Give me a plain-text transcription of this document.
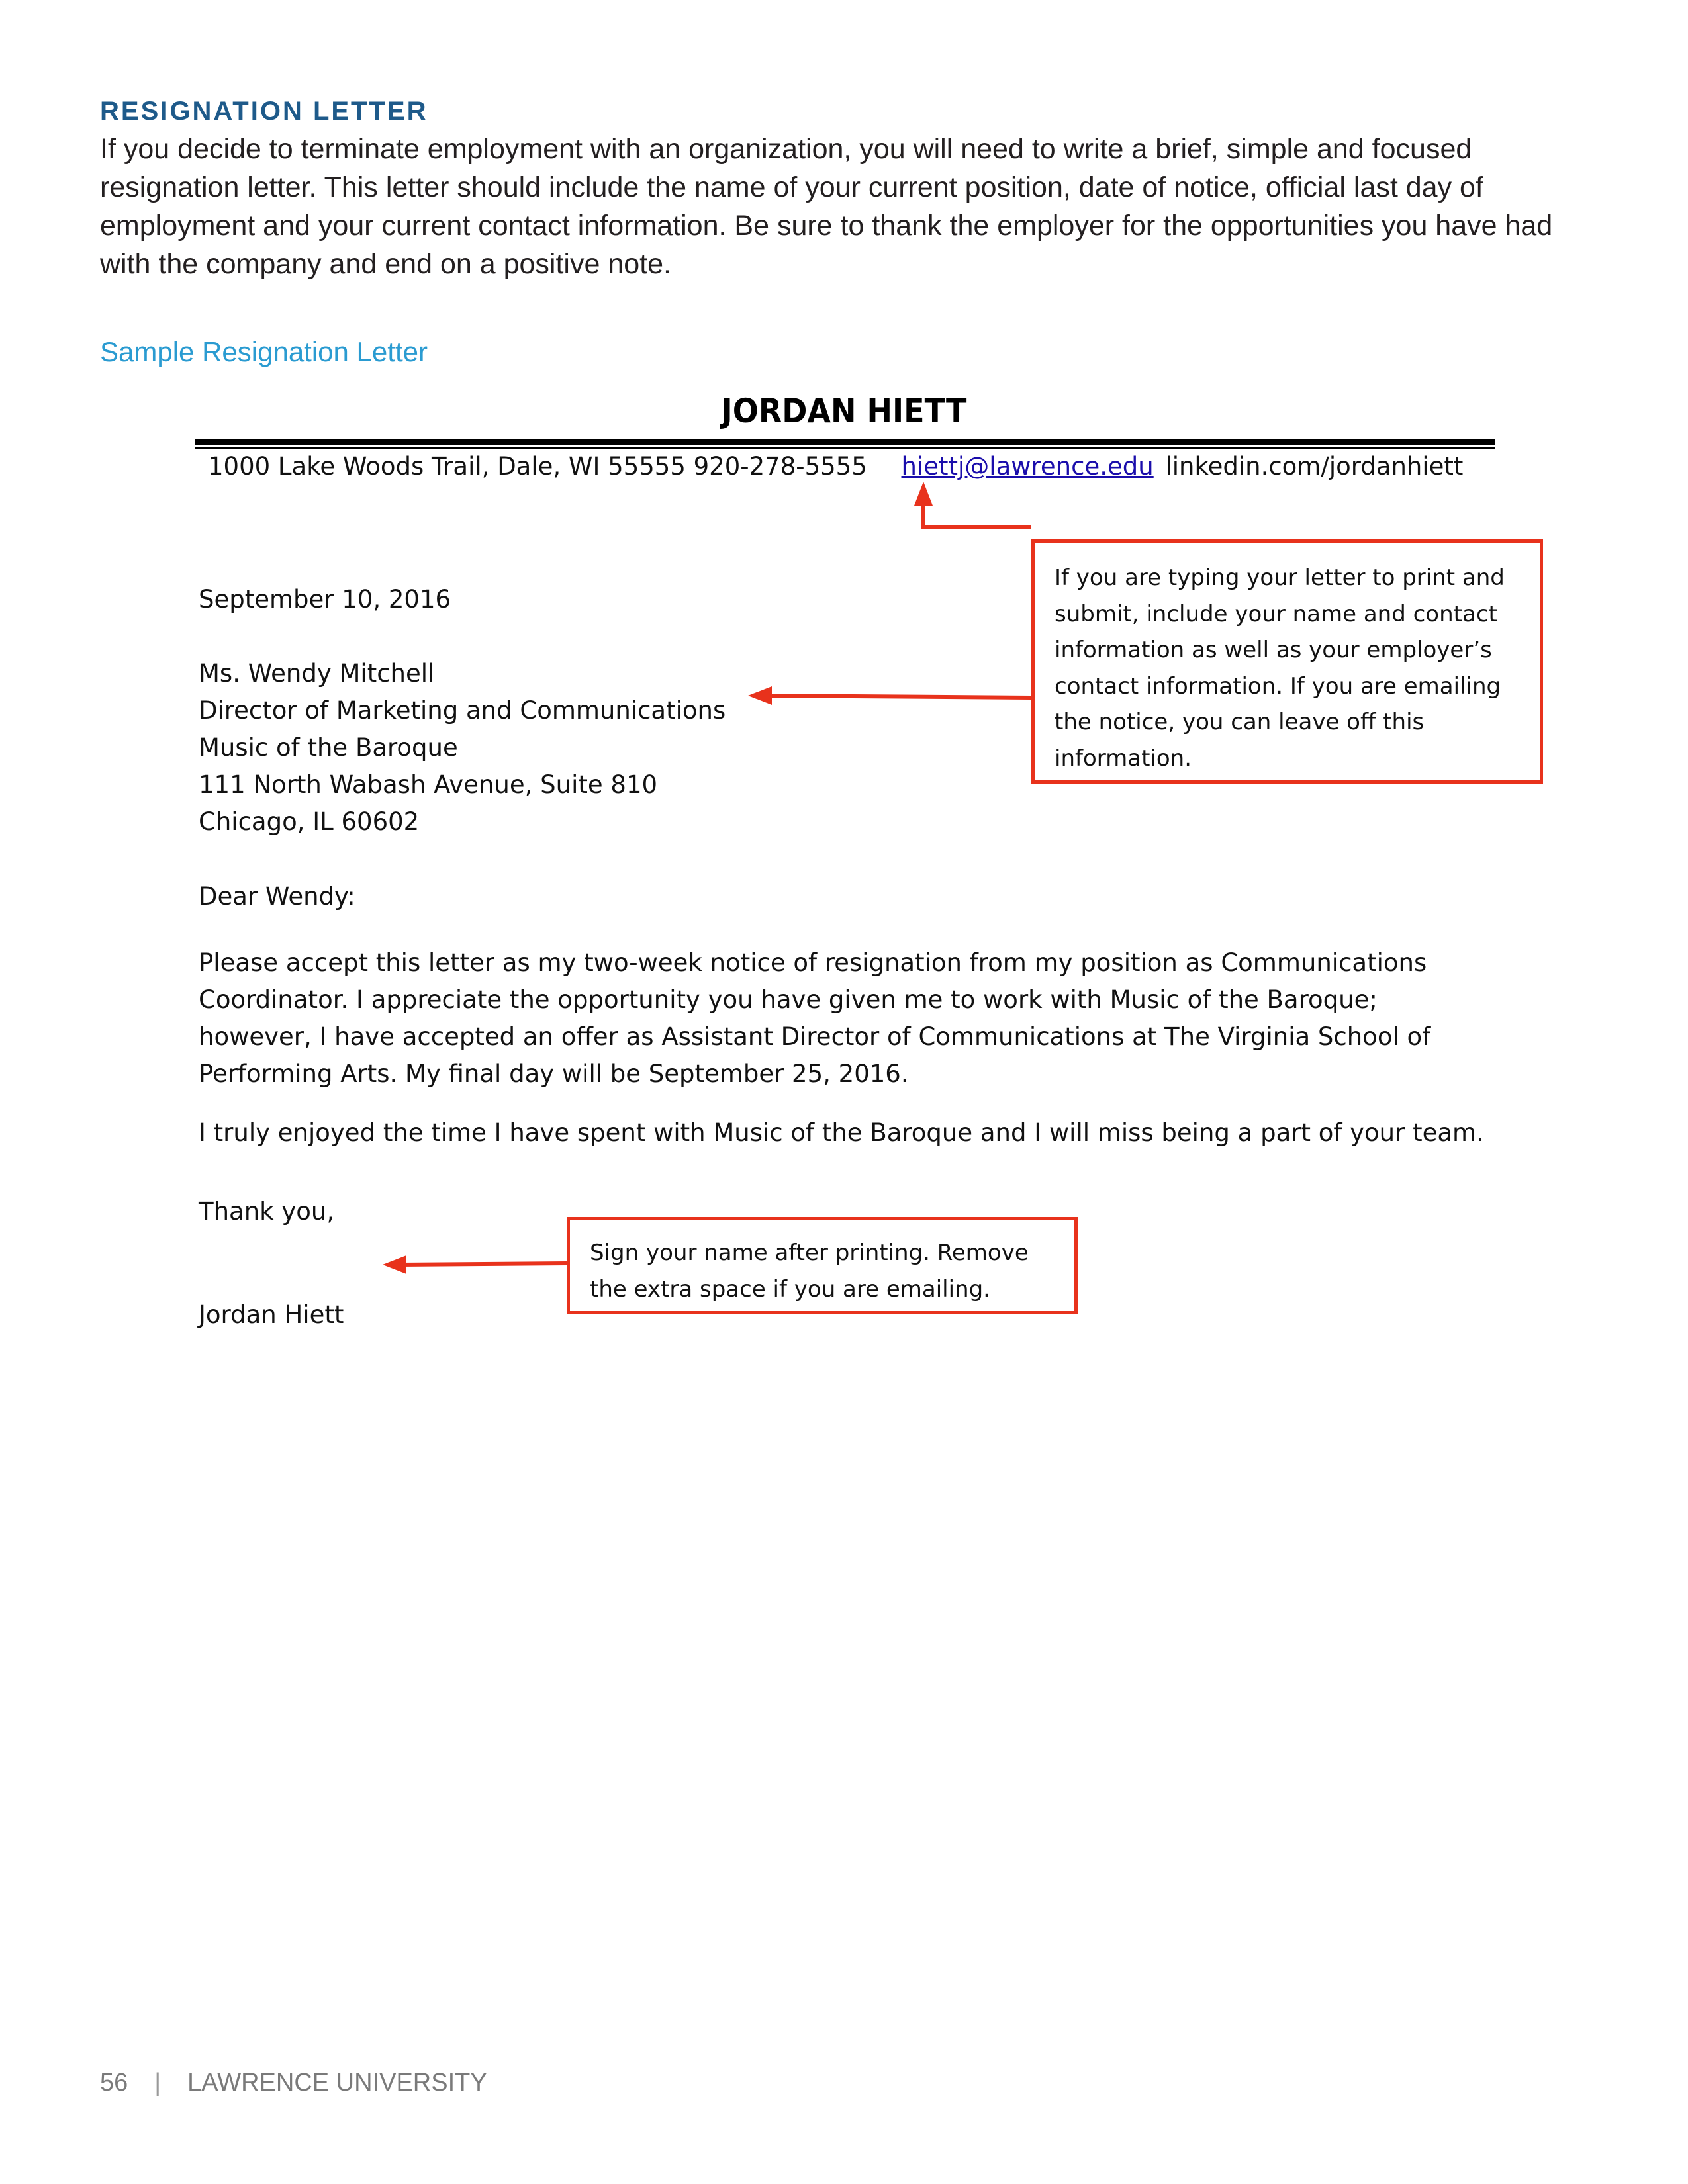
RESIGNATION LETTER
If you decide to terminate employment with an organization, you will need to write a brief, simple and focused resignation letter. This letter should include the name of your current position, date of notice, official last day of employment and your current contact information. Be sure to thank the employer for the opportunities you have had with the company and end on a positive note.
Sample Resignation Letter
JORDAN HIETT
1000 Lake Woods Trail, Dale, WI 55555 920-278-5555 hiettj@lawrence.edu linkedin.com/jordanhiett
September 10, 2016
Ms. Wendy Mitchell
Director of Marketing and Communications
Music of the Baroque
111 North Wabash Avenue, Suite 810
Chicago, IL 60602
Dear Wendy:
Please accept this letter as my two-week notice of resignation from my position as Communications Coordinator. I appreciate the opportunity you have given me to work with Music of the Baroque; however, I have accepted an offer as Assistant Director of Communications at The Virginia School of Performing Arts. My final day will be September 25, 2016.
I truly enjoyed the time I have spent with Music of the Baroque and I will miss being a part of your team.
Thank you,
Jordan Hiett
If you are typing your letter to print and submit, include your name and contact information as well as your employer’s contact information. If you are emailing the notice, you can leave off this information.
Sign your name after printing. Remove the extra space if you are emailing.
56 | LAWRENCE UNIVERSITY
